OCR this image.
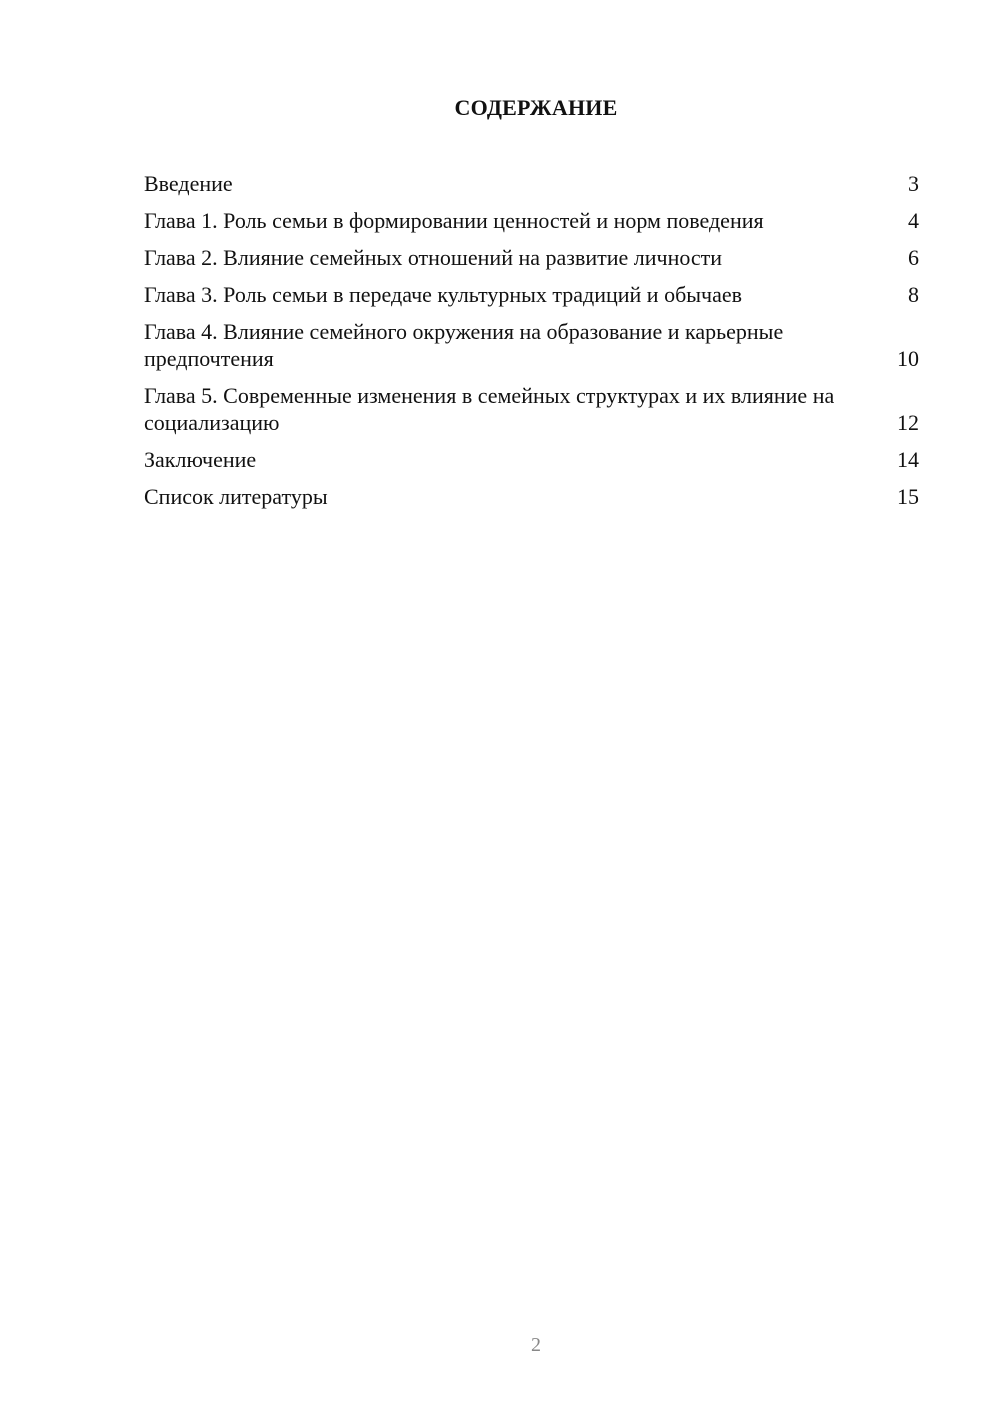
СОДЕРЖАНИЕ
Введение	3
Глава 1. Роль семьи в формировании ценностей и норм поведения	4
Глава 2. Влияние семейных отношений на развитие личности	6
Глава 3. Роль семьи в передаче культурных традиций и обычаев	8
Глава 4. Влияние семейного окружения на образование и карьерные предпочтения	10
Глава 5. Современные изменения в семейных структурах и их влияние на социализацию	12
Заключение	14
Список литературы	15
2
